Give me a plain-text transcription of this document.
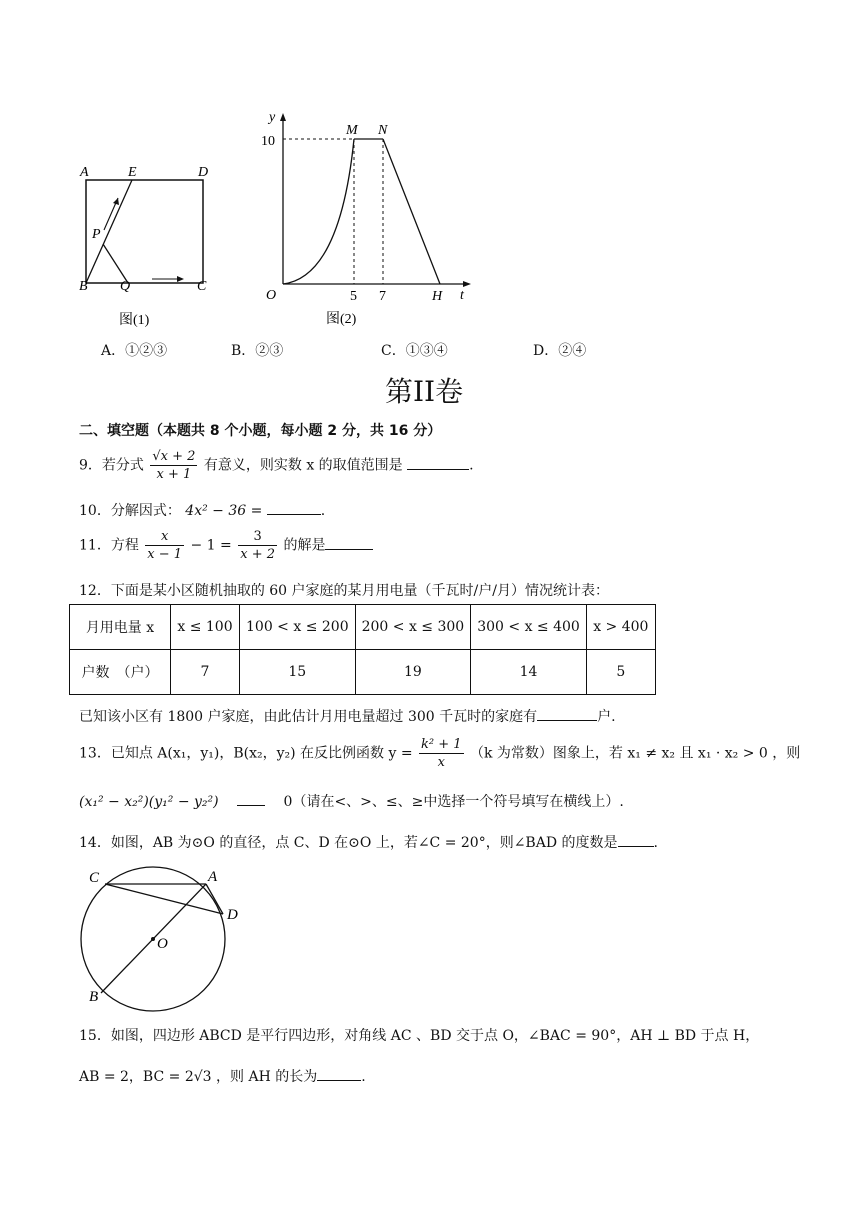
A	E	D
P
B Q	C
图(1)
y
t
O
10
M N
5 7	H
图(2)
A．①②③	B．②③	C．①③④	D．②④
第II卷
二、填空题（本题共 8 个小题，每小题 2 分，共 16 分）
9．若分式 $\frac{√x + 2}{x + 1}$ 有意义，则实数 x 的取值范围是	.
10．分解因式： 4x² − 36 =	.
11．方程 $\frac{x}{x - 1} - 1 = \frac{3}{x + 2}$ 的解是
12．下面是某小区随机抽取的 60 户家庭的某月用电量（千瓦时/户/月）情况统计表：
月用电量 x	x ≤ 100	100 < x ≤ 200	200 < x ≤ 300	300 < x ≤ 400	x > 400
户数　（户）	7	15	19	14	5
已知该小区有 1800 户家庭，由此估计月用电量超过 300 千瓦时的家庭有	户.
13．已知点 A(x₁，y₁)，B(x₂，y₂) 在反比例函数 $y = \frac{\text{k² + 1}}{x} (k$ 为常数）图象上，若 x₁ ≠ x₂ 且 x₁ · x₂ > 0 ，则
(x₁² − x₂²)(y₁² − y₂²)	0（请在<、>、≤、≥中选择一个符号填写在横线上）.
14．如图，AB 为⊙O 的直径，点 C、D 在⊙O 上，若∠C = 20°，则∠BAD 的度数是	.
C	A
D
O
B
15．如图，四边形 ABCD 是平行四边形，对角线 AC 、BD 交于点 O，∠BAC = 90°，AH ⊥ BD 于点 H，
AB = 2，BC = 2√3 ，则 AH 的长为	.
